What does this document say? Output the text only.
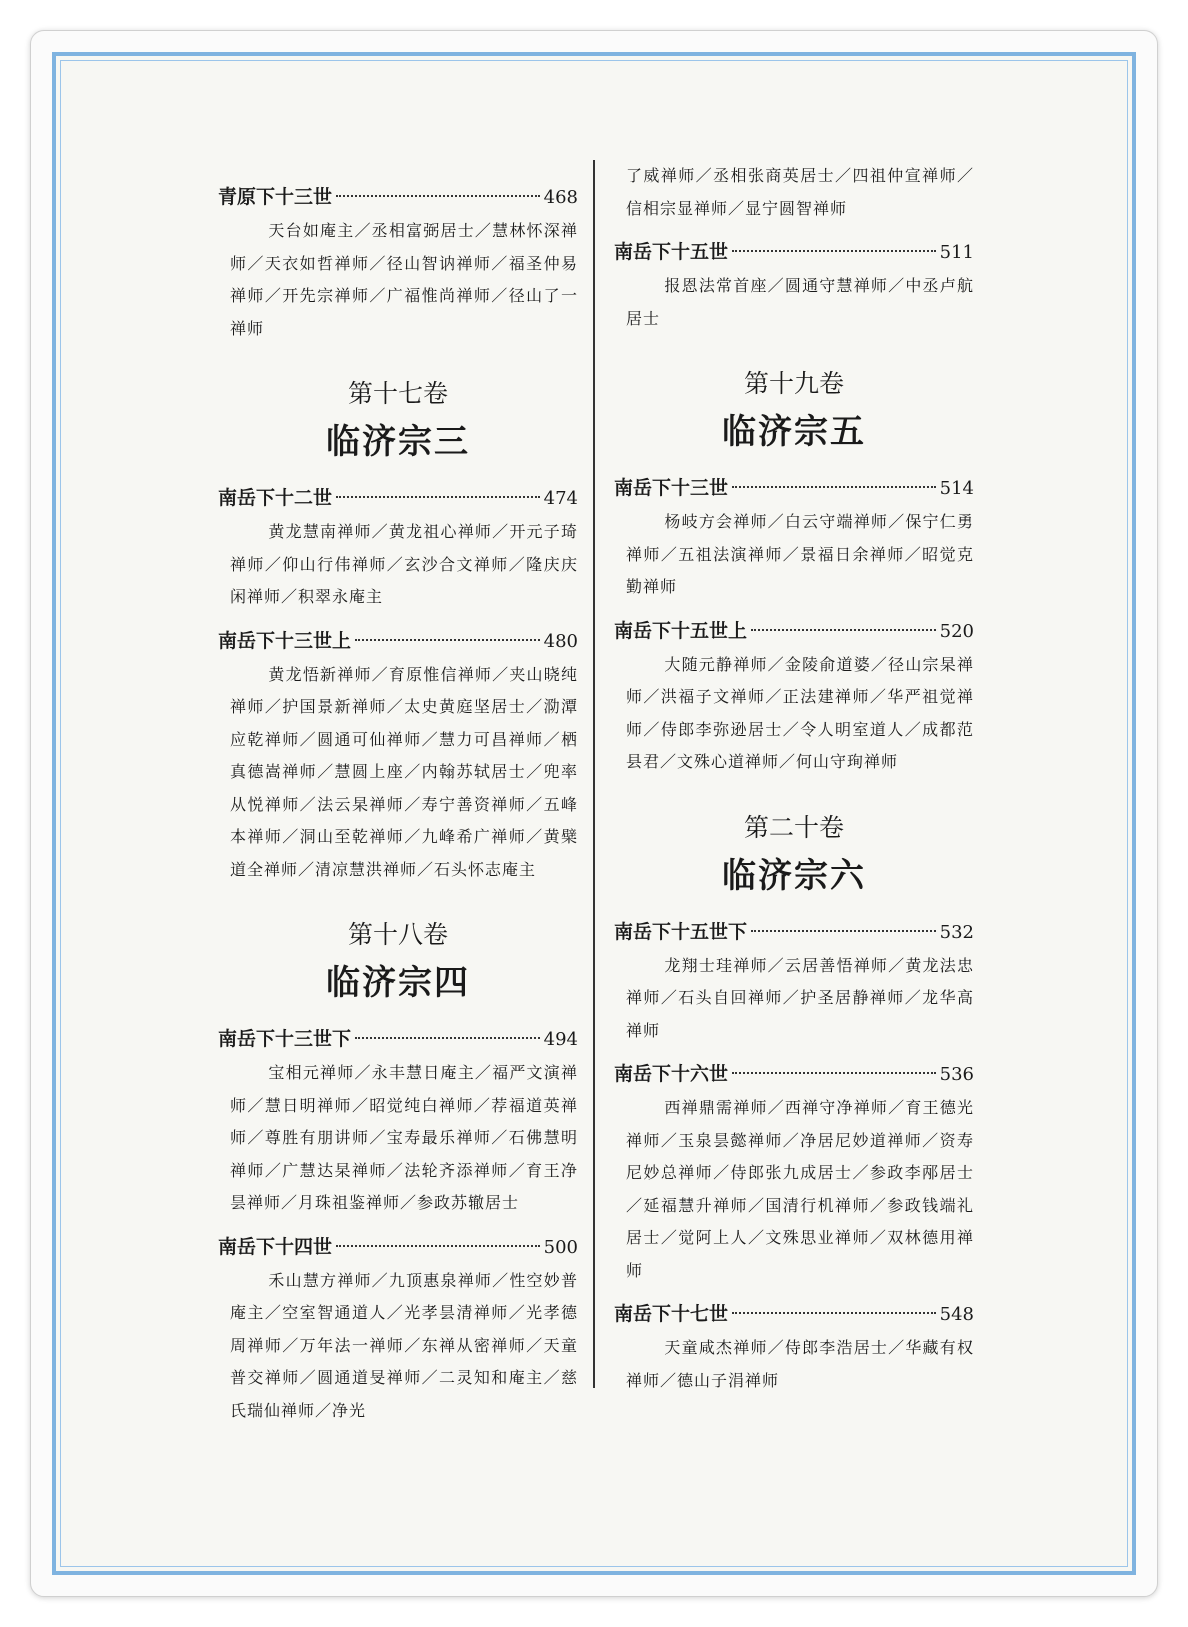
青原下十三世	468
天台如庵主／丞相富弼居士／慧林怀深禅师／天衣如哲禅师／径山智讷禅师／福圣仲易禅师／开先宗禅师／广福惟尚禅师／径山了一禅师
第十七卷
临济宗三
南岳下十二世	474
黄龙慧南禅师／黄龙祖心禅师／开元子琦禅师／仰山行伟禅师／玄沙合文禅师／隆庆庆闲禅师／积翠永庵主
南岳下十三世上	480
黄龙悟新禅师／育原惟信禅师／夹山晓纯禅师／护国景新禅师／太史黄庭坚居士／泐潭应乾禅师／圆通可仙禅师／慧力可昌禅师／栖真德嵩禅师／慧圆上座／内翰苏轼居士／兜率从悦禅师／法云杲禅师／寿宁善资禅师／五峰本禅师／洞山至乾禅师／九峰希广禅师／黄檗道全禅师／清凉慧洪禅师／石头怀志庵主
第十八卷
临济宗四
南岳下十三世下	494
宝相元禅师／永丰慧日庵主／福严文演禅师／慧日明禅师／昭觉纯白禅师／荐福道英禅师／尊胜有朋讲师／宝寿最乐禅师／石佛慧明禅师／广慧达杲禅师／法轮齐添禅师／育王净昙禅师／月珠祖鉴禅师／参政苏辙居士
南岳下十四世	500
禾山慧方禅师／九顶惠泉禅师／性空妙普庵主／空室智通道人／光孝昙清禅师／光孝德周禅师／万年法一禅师／东禅从密禅师／天童普交禅师／圆通道旻禅师／二灵知和庵主／慈氏瑞仙禅师／净光
了威禅师／丞相张商英居士／四祖仲宣禅师／信相宗显禅师／显宁圆智禅师
南岳下十五世	511
报恩法常首座／圆通守慧禅师／中丞卢航居士
第十九卷
临济宗五
南岳下十三世	514
杨岐方会禅师／白云守端禅师／保宁仁勇禅师／五祖法演禅师／景福日余禅师／昭觉克勤禅师
南岳下十五世上	520
大随元静禅师／金陵俞道婆／径山宗杲禅师／洪福子文禅师／正法建禅师／华严祖觉禅师／侍郎李弥逊居士／令人明室道人／成都范县君／文殊心道禅师／何山守珣禅师
第二十卷
临济宗六
南岳下十五世下	532
龙翔士珪禅师／云居善悟禅师／黄龙法忠禅师／石头自回禅师／护圣居静禅师／龙华高禅师
南岳下十六世	536
西禅鼎需禅师／西禅守净禅师／育王德光禅师／玉泉昙懿禅师／净居尼妙道禅师／资寿尼妙总禅师／侍郎张九成居士／参政李邴居士／延福慧升禅师／国清行机禅师／参政钱端礼居士／觉阿上人／文殊思业禅师／双林德用禅师
南岳下十七世	548
天童咸杰禅师／侍郎李浩居士／华藏有权禅师／德山子涓禅师
